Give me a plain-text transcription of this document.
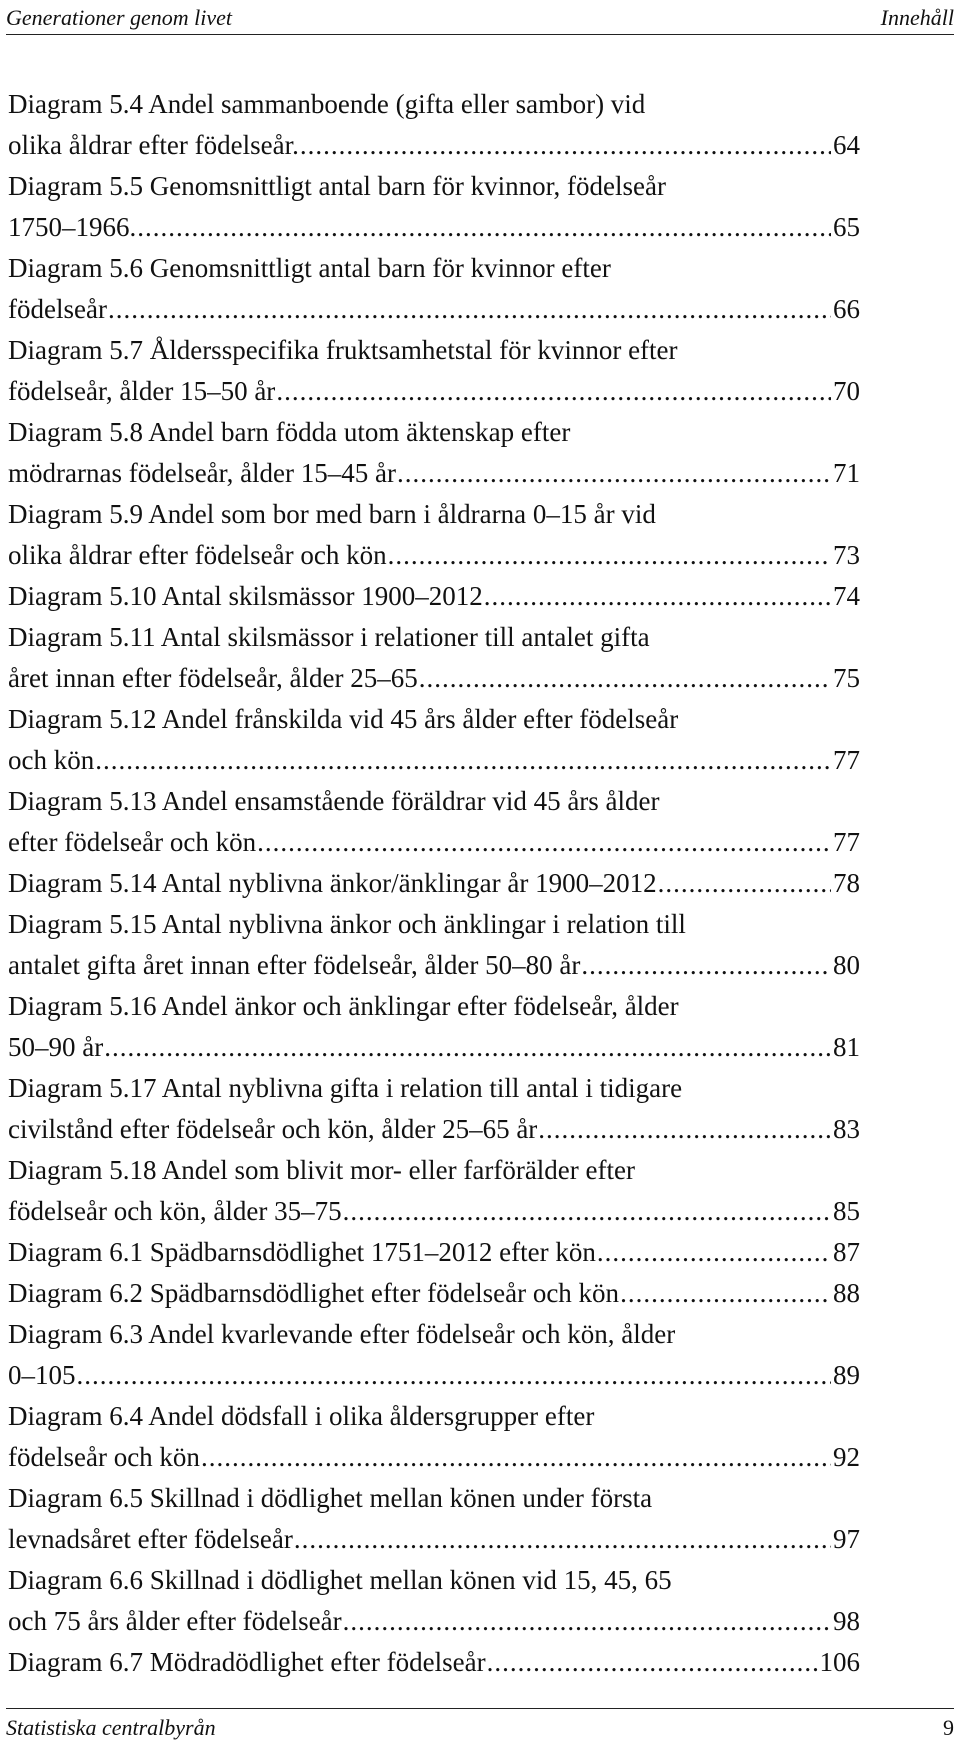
Generationer genom livet	Innehåll
Diagram 5.4 Andel sammanboende (gifta eller sambor) vid
olika åldrar efter födelseår. .....	64
Diagram 5.5 Genomsnittligt antal barn för kvinnor, födelseår
1750–1966. .....	65
Diagram 5.6 Genomsnittligt antal barn för kvinnor efter
födelseår .....	66
Diagram 5.7 Åldersspecifika fruktsamhetstal för kvinnor efter
födelseår, ålder 15–50 år .....	70
Diagram 5.8 Andel barn födda utom äktenskap efter
mödrarnas födelseår, ålder 15–45 år .....	71
Diagram 5.9 Andel som bor med barn i åldrarna 0–15 år vid
olika åldrar efter födelseår och kön .....	73
Diagram 5.10 Antal skilsmässor 1900–2012 .....	74
Diagram 5.11 Antal skilsmässor i relationer till antalet gifta
året innan efter födelseår, ålder 25–65 .....	75
Diagram 5.12 Andel frånskilda vid 45 års ålder efter födelseår
och kön .....	77
Diagram 5.13 Andel ensamstående föräldrar vid 45 års ålder
efter födelseår och kön .....	77
Diagram 5.14 Antal nyblivna änkor/änklingar år 1900–2012 .....	78
Diagram 5.15 Antal nyblivna änkor och änklingar i relation till
antalet gifta året innan efter födelseår, ålder 50–80 år .....	80
Diagram 5.16 Andel änkor och änklingar efter födelseår, ålder
50–90 år .....	81
Diagram 5.17 Antal nyblivna gifta i relation till antal i tidigare
civilstånd efter födelseår och kön, ålder 25–65 år .....	83
Diagram 5.18 Andel som blivit mor- eller farförälder efter
födelseår och kön, ålder 35–75 .....	85
Diagram 6.1 Spädbarnsdödlighet 1751–2012 efter kön .....	87
Diagram 6.2 Spädbarnsdödlighet efter födelseår och kön .....	88
Diagram 6.3 Andel kvarlevande efter födelseår och kön, ålder
0–105 .....	89
Diagram 6.4 Andel dödsfall i olika åldersgrupper efter
födelseår och kön .....	92
Diagram 6.5 Skillnad i dödlighet mellan könen under första
levnadsåret efter födelseår .....	97
Diagram 6.6 Skillnad i dödlighet mellan könen vid 15, 45, 65
och 75 års ålder efter födelseår .....	98
Diagram 6.7 Mödradödlighet efter födelseår .....	106
Statistiska centralbyrån	9
